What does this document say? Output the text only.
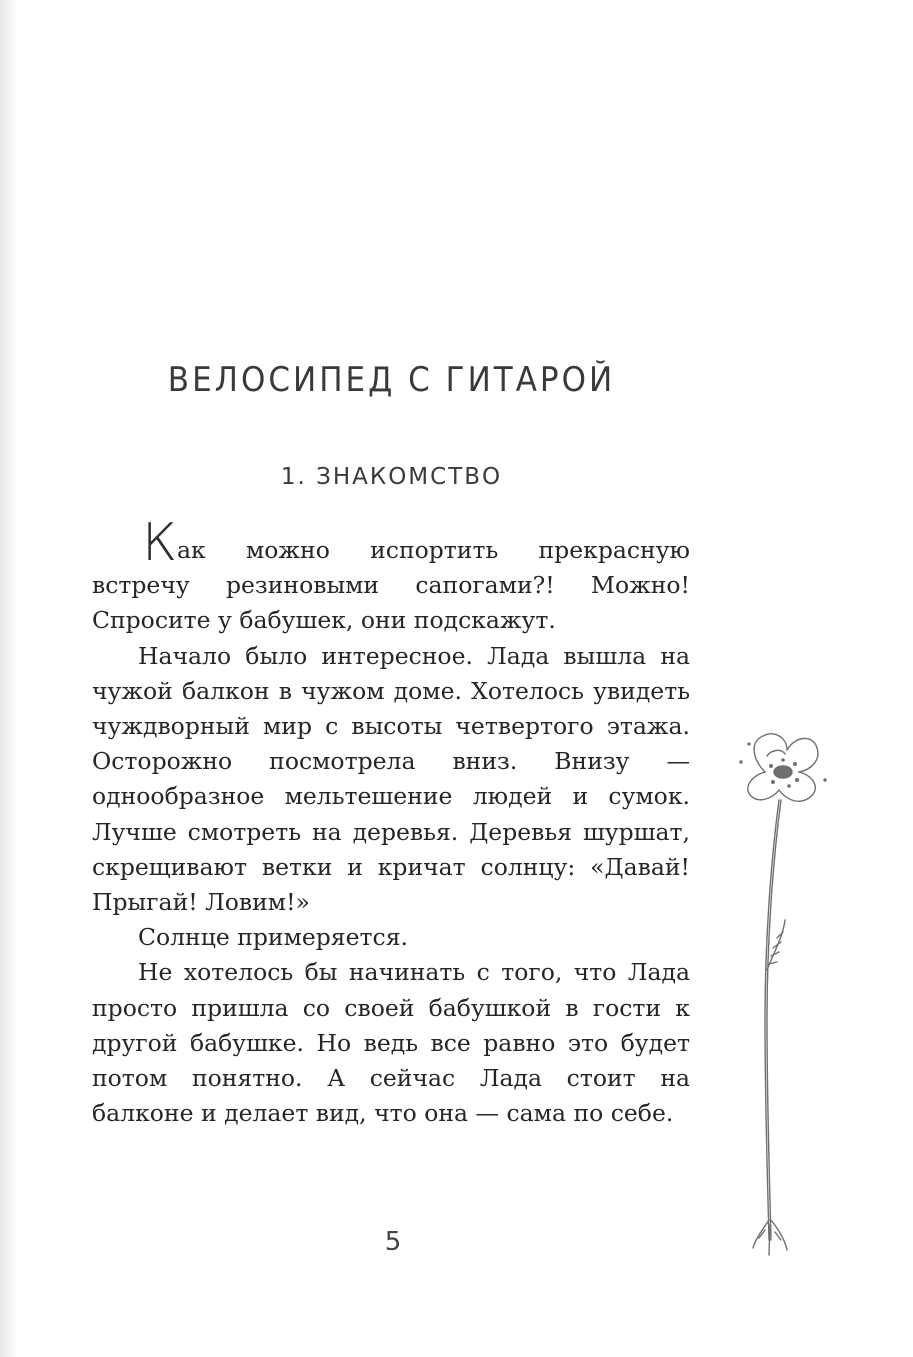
ВЕЛОСИПЕД С ГИТАРОЙ
1. ЗНАКОМСТВО

Как можно испортить прекрасную встречу резиновыми сапогами?! Можно! Спросите у бабушек, они подскажут.

Начало было интересное. Лада вышла на чужой балкон в чужом доме. Хотелось увидеть чуждворный мир с высоты четвертого этажа. Осторожно посмотрела вниз. Внизу — однообразное мельтешение людей и сумок. Лучше смотреть на деревья. Деревья шуршат, скрещивают ветки и кричат солнцу: «Давай! Прыгай! Ловим!»

Солнце примеряется.

Не хотелось бы начинать с того, что Лада просто пришла со своей бабушкой в гости к другой бабушке. Но ведь все равно это будет потом понятно. А сейчас Лада стоит на балконе и делает вид, что она — сама по себе.

5
